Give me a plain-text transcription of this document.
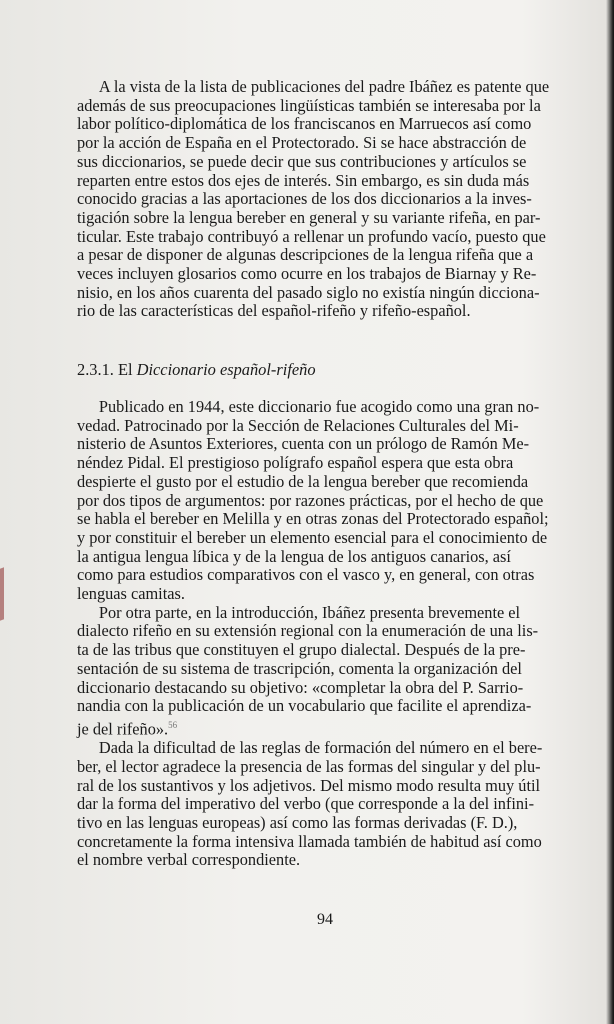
A la vista de la lista de publicaciones del padre Ibáñez es patente que
además de sus preocupaciones lingüísticas también se interesaba por la
labor político-diplomática de los franciscanos en Marruecos así como
por la acción de España en el Protectorado. Si se hace abstracción de
sus diccionarios, se puede decir que sus contribuciones y artículos se
reparten entre estos dos ejes de interés. Sin embargo, es sin duda más
conocido gracias a las aportaciones de los dos diccionarios a la inves-
tigación sobre la lengua bereber en general y su variante rifeña, en par-
ticular. Este trabajo contribuyó a rellenar un profundo vacío, puesto que
a pesar de disponer de algunas descripciones de la lengua rifeña que a
veces incluyen glosarios como ocurre en los trabajos de Biarnay y Re-
nisio, en los años cuarenta del pasado siglo no existía ningún dicciona-
rio de las características del español-rifeño y rifeño-español.

2.3.1. El Diccionario español-rifeño

Publicado en 1944, este diccionario fue acogido como una gran no-
vedad. Patrocinado por la Sección de Relaciones Culturales del Mi-
nisterio de Asuntos Exteriores, cuenta con un prólogo de Ramón Me-
néndez Pidal. El prestigioso polígrafo español espera que esta obra
despierte el gusto por el estudio de la lengua bereber que recomienda
por dos tipos de argumentos: por razones prácticas, por el hecho de que
se habla el bereber en Melilla y en otras zonas del Protectorado español;
y por constituir el bereber un elemento esencial para el conocimiento de
la antigua lengua líbica y de la lengua de los antiguos canarios, así
como para estudios comparativos con el vasco y, en general, con otras
lenguas camitas.

Por otra parte, en la introducción, Ibáñez presenta brevemente el
dialecto rifeño en su extensión regional con la enumeración de una lis-
ta de las tribus que constituyen el grupo dialectal. Después de la pre-
sentación de su sistema de trascripción, comenta la organización del
diccionario destacando su objetivo: «completar la obra del P. Sarrio-
nandia con la publicación de un vocabulario que facilite el aprendiza-
je del rifeño».$^{56}$

Dada la dificultad de las reglas de formación del número en el bere-
ber, el lector agradece la presencia de las formas del singular y del plu-
ral de los sustantivos y los adjetivos. Del mismo modo resulta muy útil
dar la forma del imperativo del verbo (que corresponde a la del infini-
tivo en las lenguas europeas) así como las formas derivadas (F. D.),
concretamente la forma intensiva llamada también de habitud así como
el nombre verbal correspondiente.

94
